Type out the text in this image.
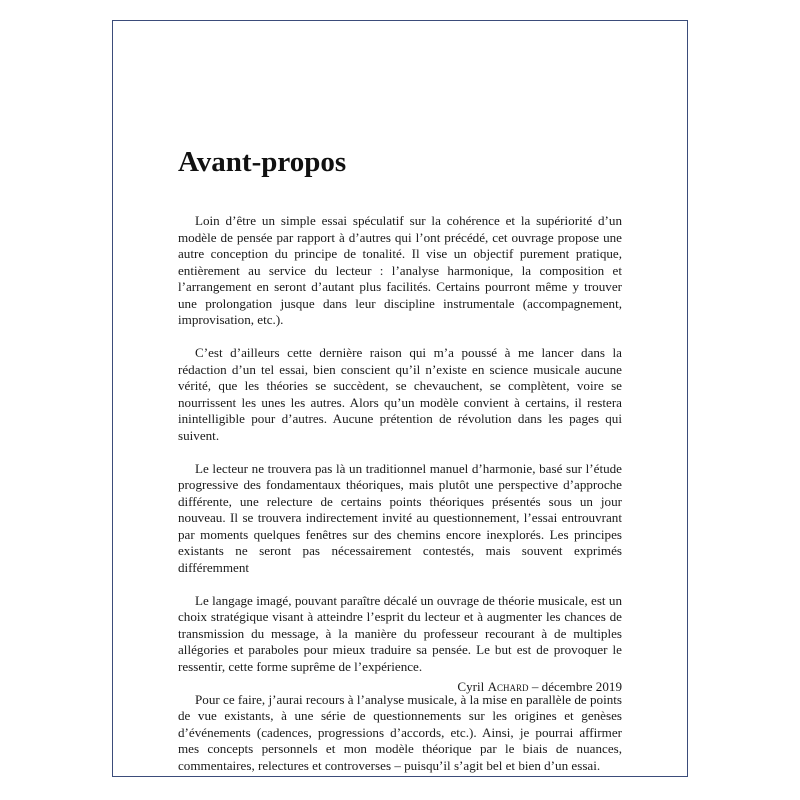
Avant-propos

Loin d’être un simple essai spéculatif sur la cohérence et la supériorité d’un modèle de pensée par rapport à d’autres qui l’ont précédé, cet ouvrage propose une autre conception du principe de tonalité. Il vise un objectif purement pratique, entièrement au service du lecteur : l’analyse harmonique, la composition et l’arrangement en seront d’autant plus facilités. Certains pourront même y trouver une prolongation jusque dans leur discipline instrumentale (accompagnement, improvisation, etc.).

C’est d’ailleurs cette dernière raison qui m’a poussé à me lancer dans la rédaction d’un tel essai, bien conscient qu’il n’existe en science musicale aucune vérité, que les théories se succèdent, se chevauchent, se complètent, voire se nourrissent les unes les autres. Alors qu’un modèle convient à certains, il restera inintelligible pour d’autres. Aucune prétention de révolution dans les pages qui suivent.

Le lecteur ne trouvera pas là un traditionnel manuel d’harmonie, basé sur l’étude progressive des fondamentaux théoriques, mais plutôt une perspective d’approche différente, une relecture de certains points théoriques présentés sous un jour nouveau. Il se trouvera indirectement invité au questionnement, l’essai entrouvrant par moments quelques fenêtres sur des chemins encore inexplorés. Les principes existants ne seront pas nécessairement contestés, mais souvent exprimés différemment

Le langage imagé, pouvant paraître décalé un ouvrage de théorie musicale, est un choix stratégique visant à atteindre l’esprit du lecteur et à augmenter les chances de transmission du message, à la manière du professeur recourant à de multiples allégories et paraboles pour mieux traduire sa pensée. Le but est de provoquer le ressentir, cette forme suprême de l’expérience.

Pour ce faire, j’aurai recours à l’analyse musicale, à la mise en parallèle de points de vue existants, à une série de questionnements sur les origines et genèses d’événements (cadences, progressions d’accords, etc.). Ainsi, je pourrai affirmer mes concepts personnels et mon modèle théorique par le biais de nuances, commentaires, relectures et controverses – puisqu’il s’agit bel et bien d’un essai.

Cyril Achard – décembre 2019
